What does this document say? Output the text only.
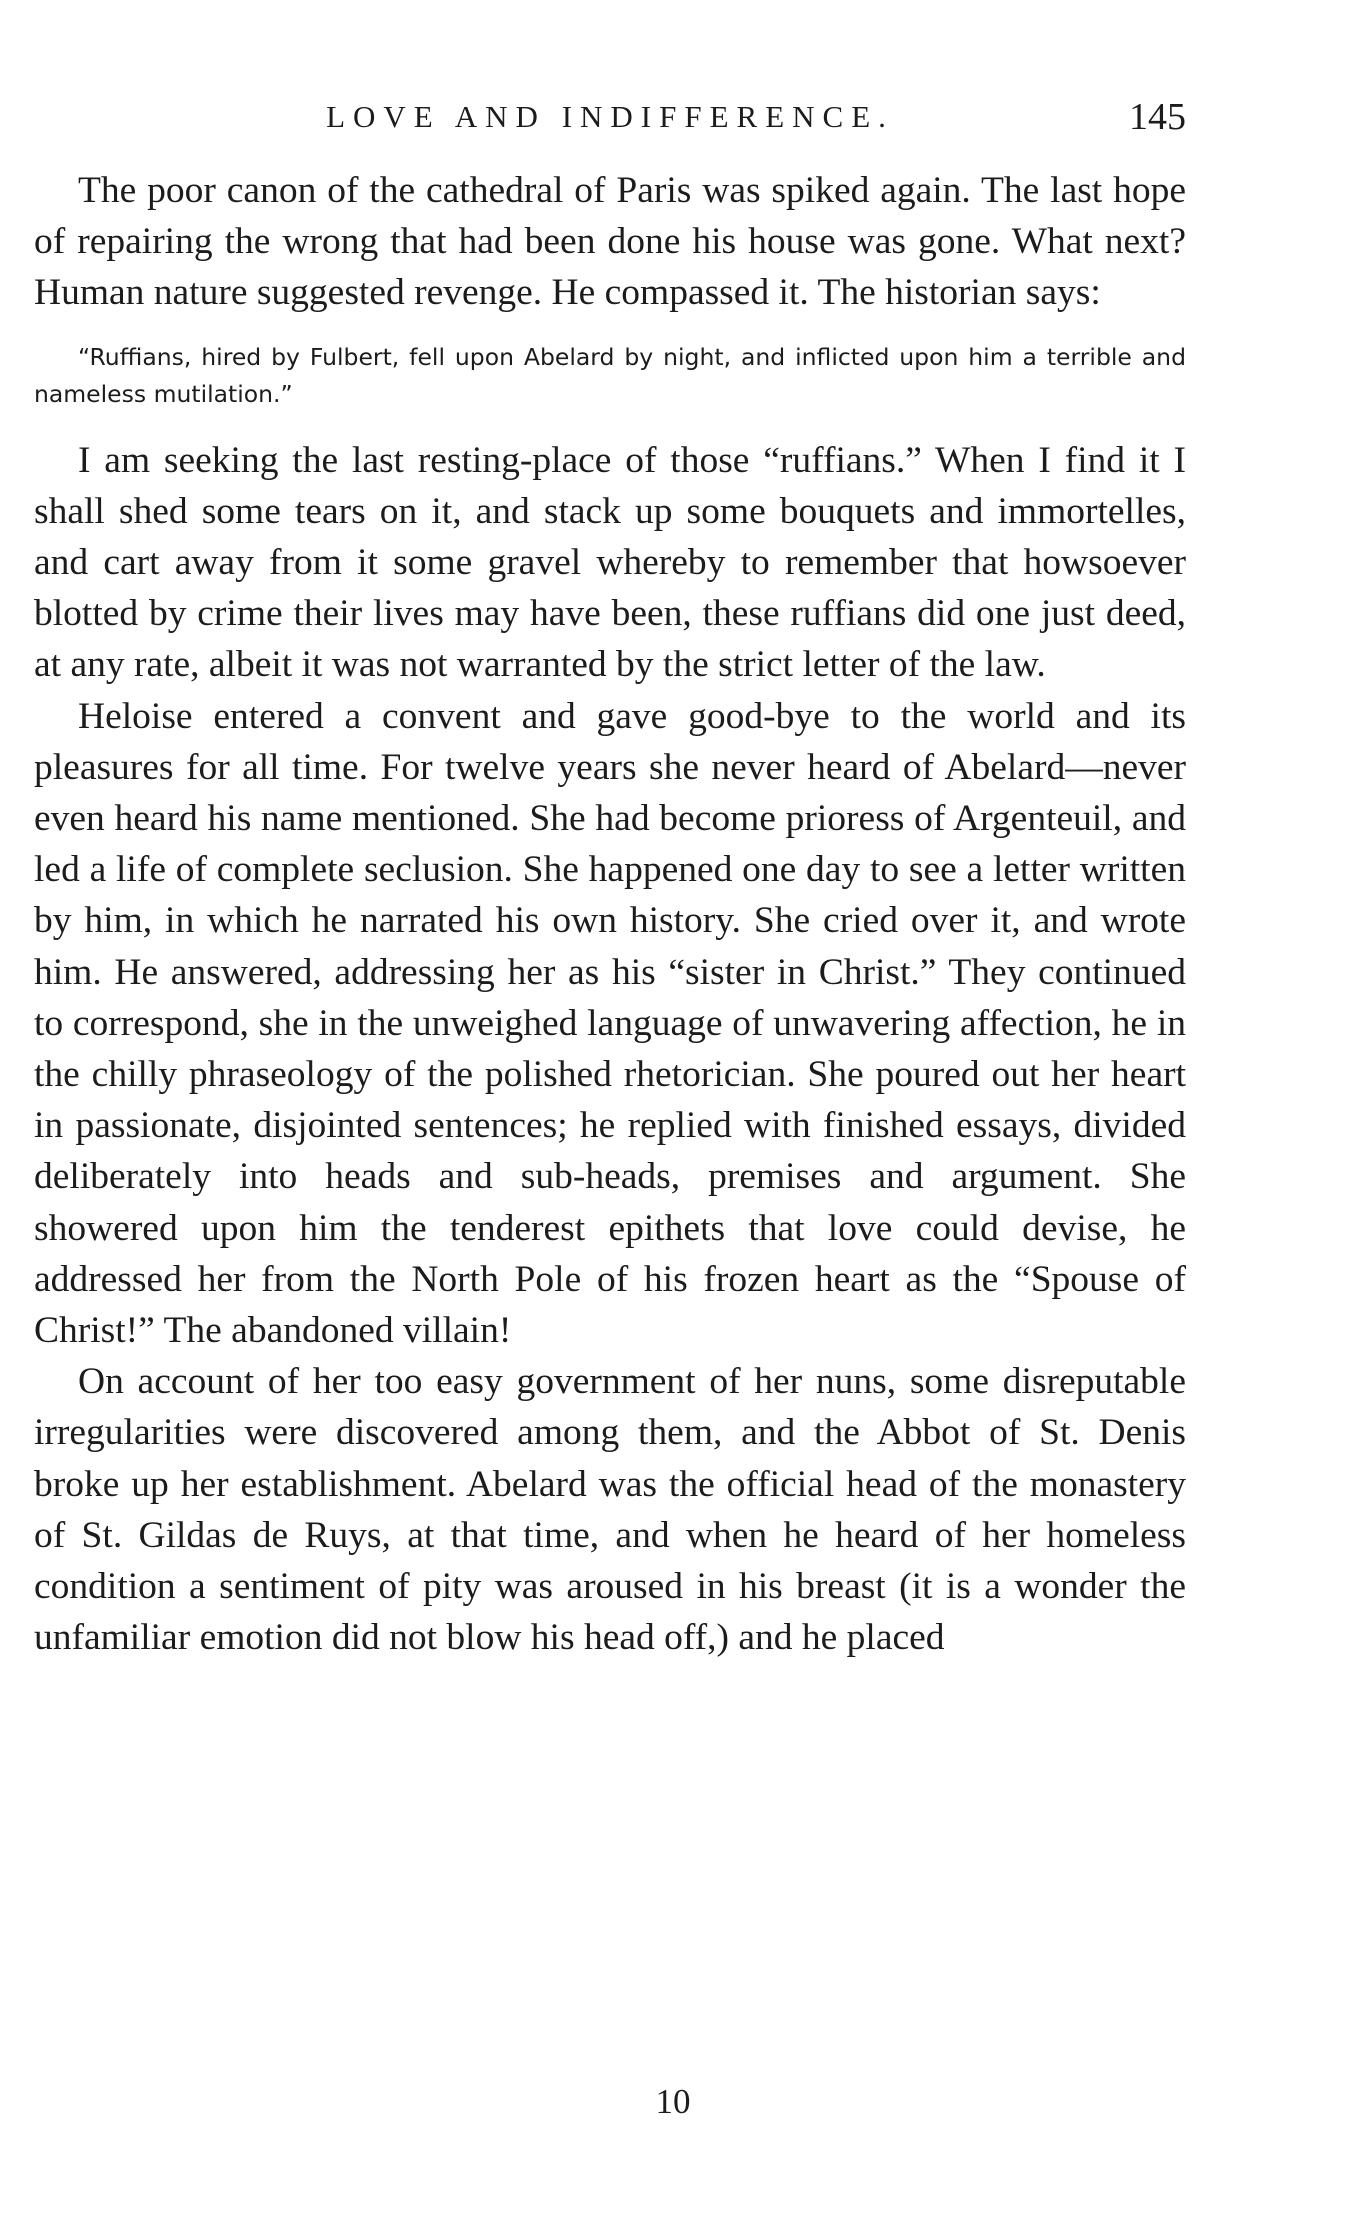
LOVE AND INDIFFERENCE.	145

The poor canon of the cathedral of Paris was spiked again. The last hope of repairing the wrong that had been done his house was gone. What next? Human nature suggested revenge. He compassed it. The historian says:

“Ruffians, hired by Fulbert, fell upon Abelard by night, and inflicted upon him a terrible and nameless mutilation.”

I am seeking the last resting-place of those “ruffians.” When I find it I shall shed some tears on it, and stack up some bouquets and immortelles, and cart away from it some gravel whereby to remember that howsoever blotted by crime their lives may have been, these ruffians did one just deed, at any rate, albeit it was not warranted by the strict letter of the law.

Heloise entered a convent and gave good-bye to the world and its pleasures for all time. For twelve years she never heard of Abelard—never even heard his name mentioned. She had become prioress of Argenteuil, and led a life of complete seclusion. She happened one day to see a letter written by him, in which he narrated his own history. She cried over it, and wrote him. He answered, addressing her as his “sister in Christ.” They continued to correspond, she in the unweighed language of unwavering affection, he in the chilly phraseology of the polished rhetorician. She poured out her heart in passionate, disjointed sentences; he replied with finished essays, divided deliberately into heads and sub-heads, premises and argument. She showered upon him the tenderest epithets that love could devise, he addressed her from the North Pole of his frozen heart as the “Spouse of Christ!” The abandoned villain!

On account of her too easy government of her nuns, some disreputable irregularities were discovered among them, and the Abbot of St. Denis broke up her establishment. Abelard was the official head of the monastery of St. Gildas de Ruys, at that time, and when he heard of her homeless condition a sentiment of pity was aroused in his breast (it is a wonder the unfamiliar emotion did not blow his head off,) and he placed

10
